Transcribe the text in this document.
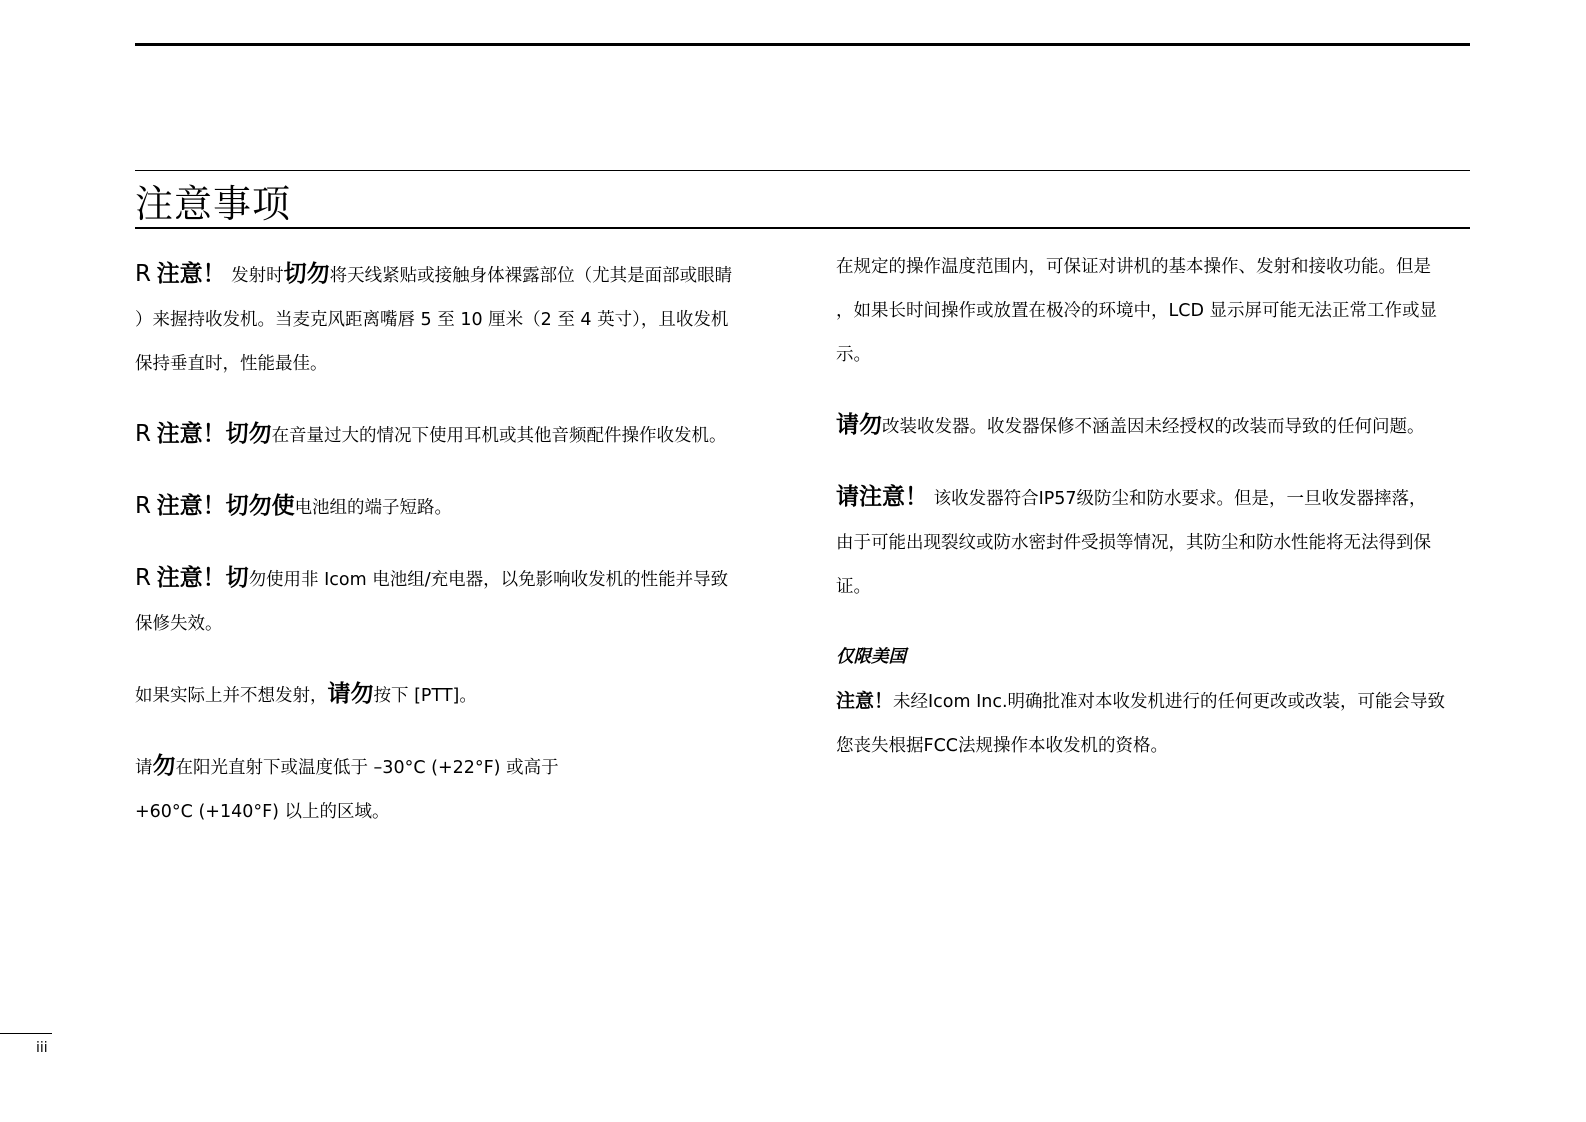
注意事项

R 注意！ 发射时切勿将天线紧贴或接触身体裸露部位（尤其是面部或眼睛
）来握持收发机。当麦克风距离嘴唇 5 至 10 厘米（2 至 4 英寸），且收发机
保持垂直时，性能最佳。

R 注意！切勿在音量过大的情况下使用耳机或其他音频配件操作收发机。

R 注意！切勿使电池组的端子短路。

R 注意！切勿使用非 Icom 电池组/充电器，以免影响收发机的性能并导致
保修失效。

如果实际上并不想发射，请勿按下 [PTT]。

请勿在阳光直射下或温度低于 –30°C (+22°F) 或高于
+60°C (+140°F) 以上的区域。

在规定的操作温度范围内，可保证对讲机的基本操作、发射和接收功能。但是
，如果长时间操作或放置在极冷的环境中，LCD 显示屏可能无法正常工作或显
示。

请勿改装收发器。收发器保修不涵盖因未经授权的改装而导致的任何问题。

请注意！ 该收发器符合IP57级防尘和防水要求。但是，一旦收发器摔落，
由于可能出现裂纹或防水密封件受损等情况，其防尘和防水性能将无法得到保
证。

仅限美国

注意！未经Icom Inc.明确批准对本收发机进行的任何更改或改装，可能会导致
您丧失根据FCC法规操作本收发机的资格。

iii
